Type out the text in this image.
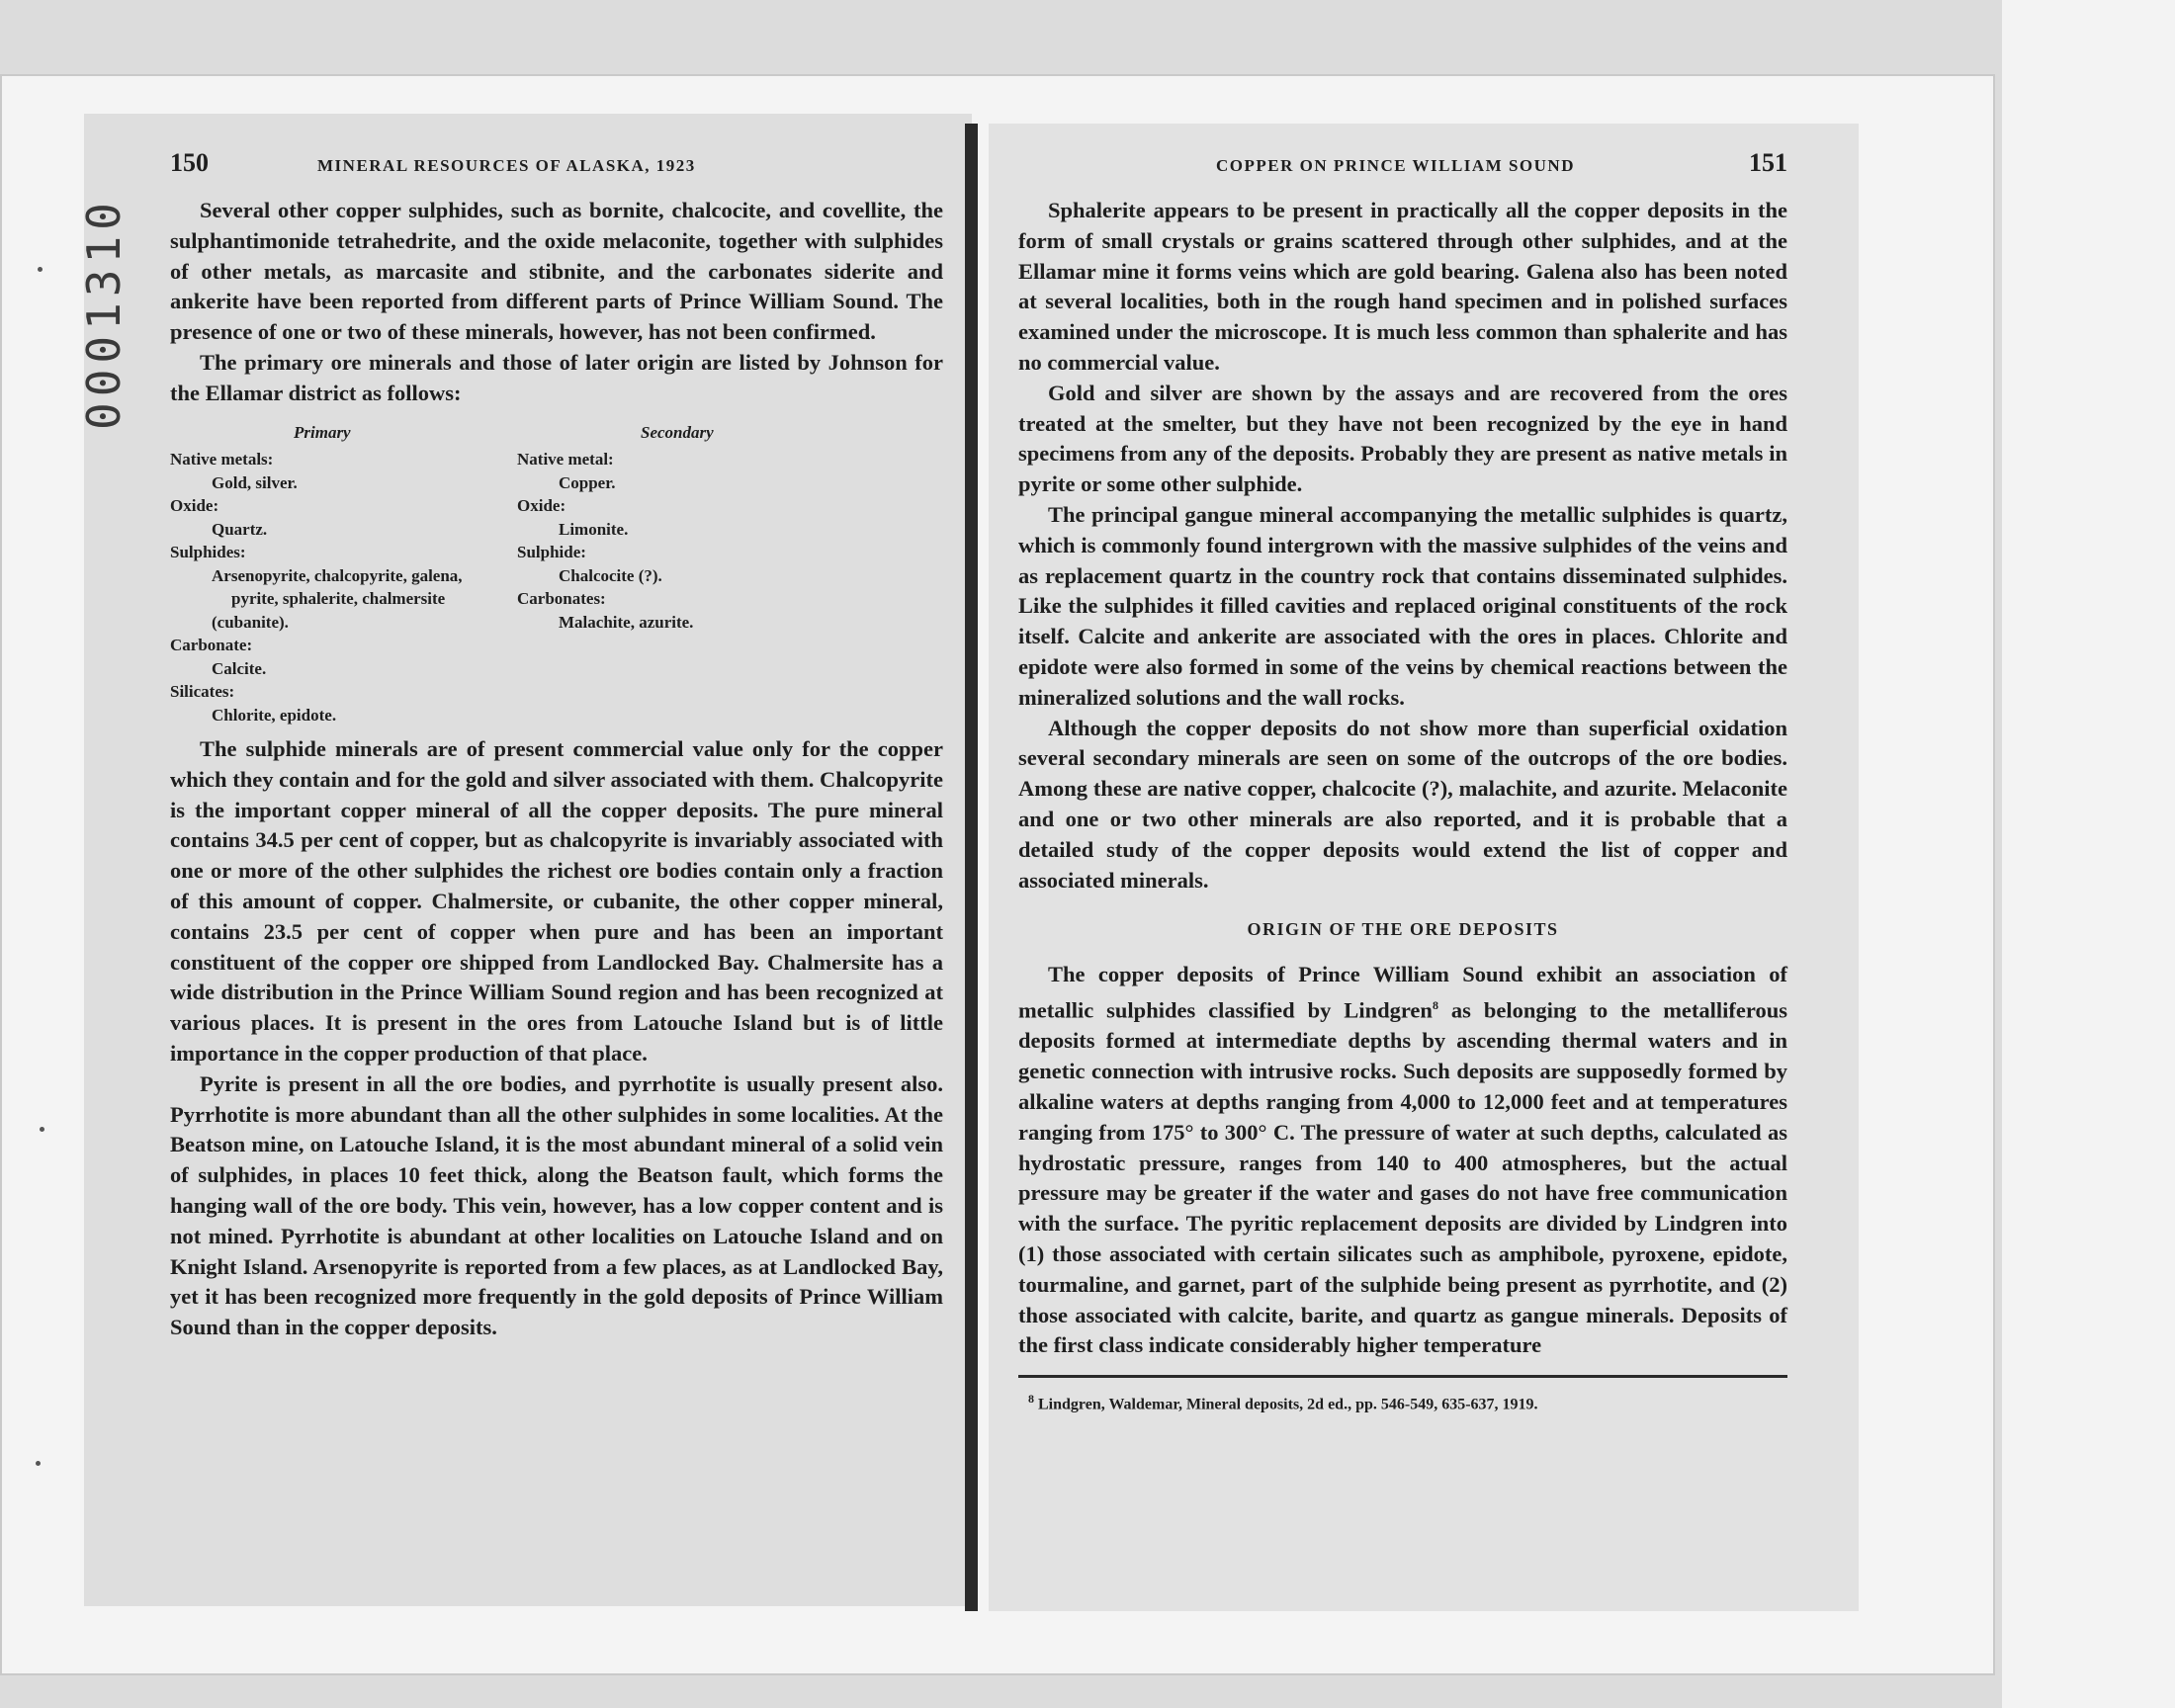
0001310
150	MINERAL RESOURCES OF ALASKA, 1923

Several other copper sulphides, such as bornite, chalcocite, and covellite, the sulphantimonide tetrahedrite, and the oxide melaconite, together with sulphides of other metals, as marcasite and stibnite, and the carbonates siderite and ankerite have been reported from different parts of Prince William Sound. The presence of one or two of these minerals, however, has not been confirmed.

The primary ore minerals and those of later origin are listed by Johnson for the Ellamar district as follows:

Primary
Native metals:
Gold, silver.
Oxide:
Quartz.
Sulphides:
Arsenopyrite, chalcopyrite, galena,
pyrite, sphalerite, chalmersite
(cubanite).
Carbonate:
Calcite.
Silicates:
Chlorite, epidote.
Secondary
Native metal:
Copper.
Oxide:
Limonite.
Sulphide:
Chalcocite (?).
Carbonates:
Malachite, azurite.

The sulphide minerals are of present commercial value only for the copper which they contain and for the gold and silver associated with them. Chalcopyrite is the important copper mineral of all the copper deposits. The pure mineral contains 34.5 per cent of copper, but as chalcopyrite is invariably associated with one or more of the other sulphides the richest ore bodies contain only a fraction of this amount of copper. Chalmersite, or cubanite, the other copper mineral, contains 23.5 per cent of copper when pure and has been an important constituent of the copper ore shipped from Landlocked Bay. Chalmersite has a wide distribution in the Prince William Sound region and has been recognized at various places. It is present in the ores from Latouche Island but is of little importance in the copper production of that place.

Pyrite is present in all the ore bodies, and pyrrhotite is usually present also. Pyrrhotite is more abundant than all the other sulphides in some localities. At the Beatson mine, on Latouche Island, it is the most abundant mineral of a solid vein of sulphides, in places 10 feet thick, along the Beatson fault, which forms the hanging wall of the ore body. This vein, however, has a low copper content and is not mined. Pyrrhotite is abundant at other localities on Latouche Island and on Knight Island. Arsenopyrite is reported from a few places, as at Landlocked Bay, yet it has been recognized more frequently in the gold deposits of Prince William Sound than in the copper deposits.

COPPER ON PRINCE WILLIAM SOUND	151

Sphalerite appears to be present in practically all the copper deposits in the form of small crystals or grains scattered through other sulphides, and at the Ellamar mine it forms veins which are gold bearing. Galena also has been noted at several localities, both in the rough hand specimen and in polished surfaces examined under the microscope. It is much less common than sphalerite and has no commercial value.

Gold and silver are shown by the assays and are recovered from the ores treated at the smelter, but they have not been recognized by the eye in hand specimens from any of the deposits. Probably they are present as native metals in pyrite or some other sulphide.

The principal gangue mineral accompanying the metallic sulphides is quartz, which is commonly found intergrown with the massive sulphides of the veins and as replacement quartz in the country rock that contains disseminated sulphides. Like the sulphides it filled cavities and replaced original constituents of the rock itself. Calcite and ankerite are associated with the ores in places. Chlorite and epidote were also formed in some of the veins by chemical reactions between the mineralized solutions and the wall rocks.

Although the copper deposits do not show more than superficial oxidation several secondary minerals are seen on some of the outcrops of the ore bodies. Among these are native copper, chalcocite (?), malachite, and azurite. Melaconite and one or two other minerals are also reported, and it is probable that a detailed study of the copper deposits would extend the list of copper and associated minerals.

ORIGIN OF THE ORE DEPOSITS

The copper deposits of Prince William Sound exhibit an association of metallic sulphides classified by Lindgren$^8$ as belonging to the metalliferous deposits formed at intermediate depths by ascending thermal waters and in genetic connection with intrusive rocks. Such deposits are supposedly formed by alkaline waters at depths ranging from 4,000 to 12,000 feet and at temperatures ranging from 175° to 300° C. The pressure of water at such depths, calculated as hydrostatic pressure, ranges from 140 to 400 atmospheres, but the actual pressure may be greater if the water and gases do not have free communication with the surface. The pyritic replacement deposits are divided by Lindgren into (1) those associated with certain silicates such as amphibole, pyroxene, epidote, tourmaline, and garnet, part of the sulphide being present as pyrrhotite, and (2) those associated with calcite, barite, and quartz as gangue minerals. Deposits of the first class indicate considerably higher temperature

$^8$ Lindgren, Waldemar, Mineral deposits, 2d ed., pp. 546-549, 635-637, 1919.
